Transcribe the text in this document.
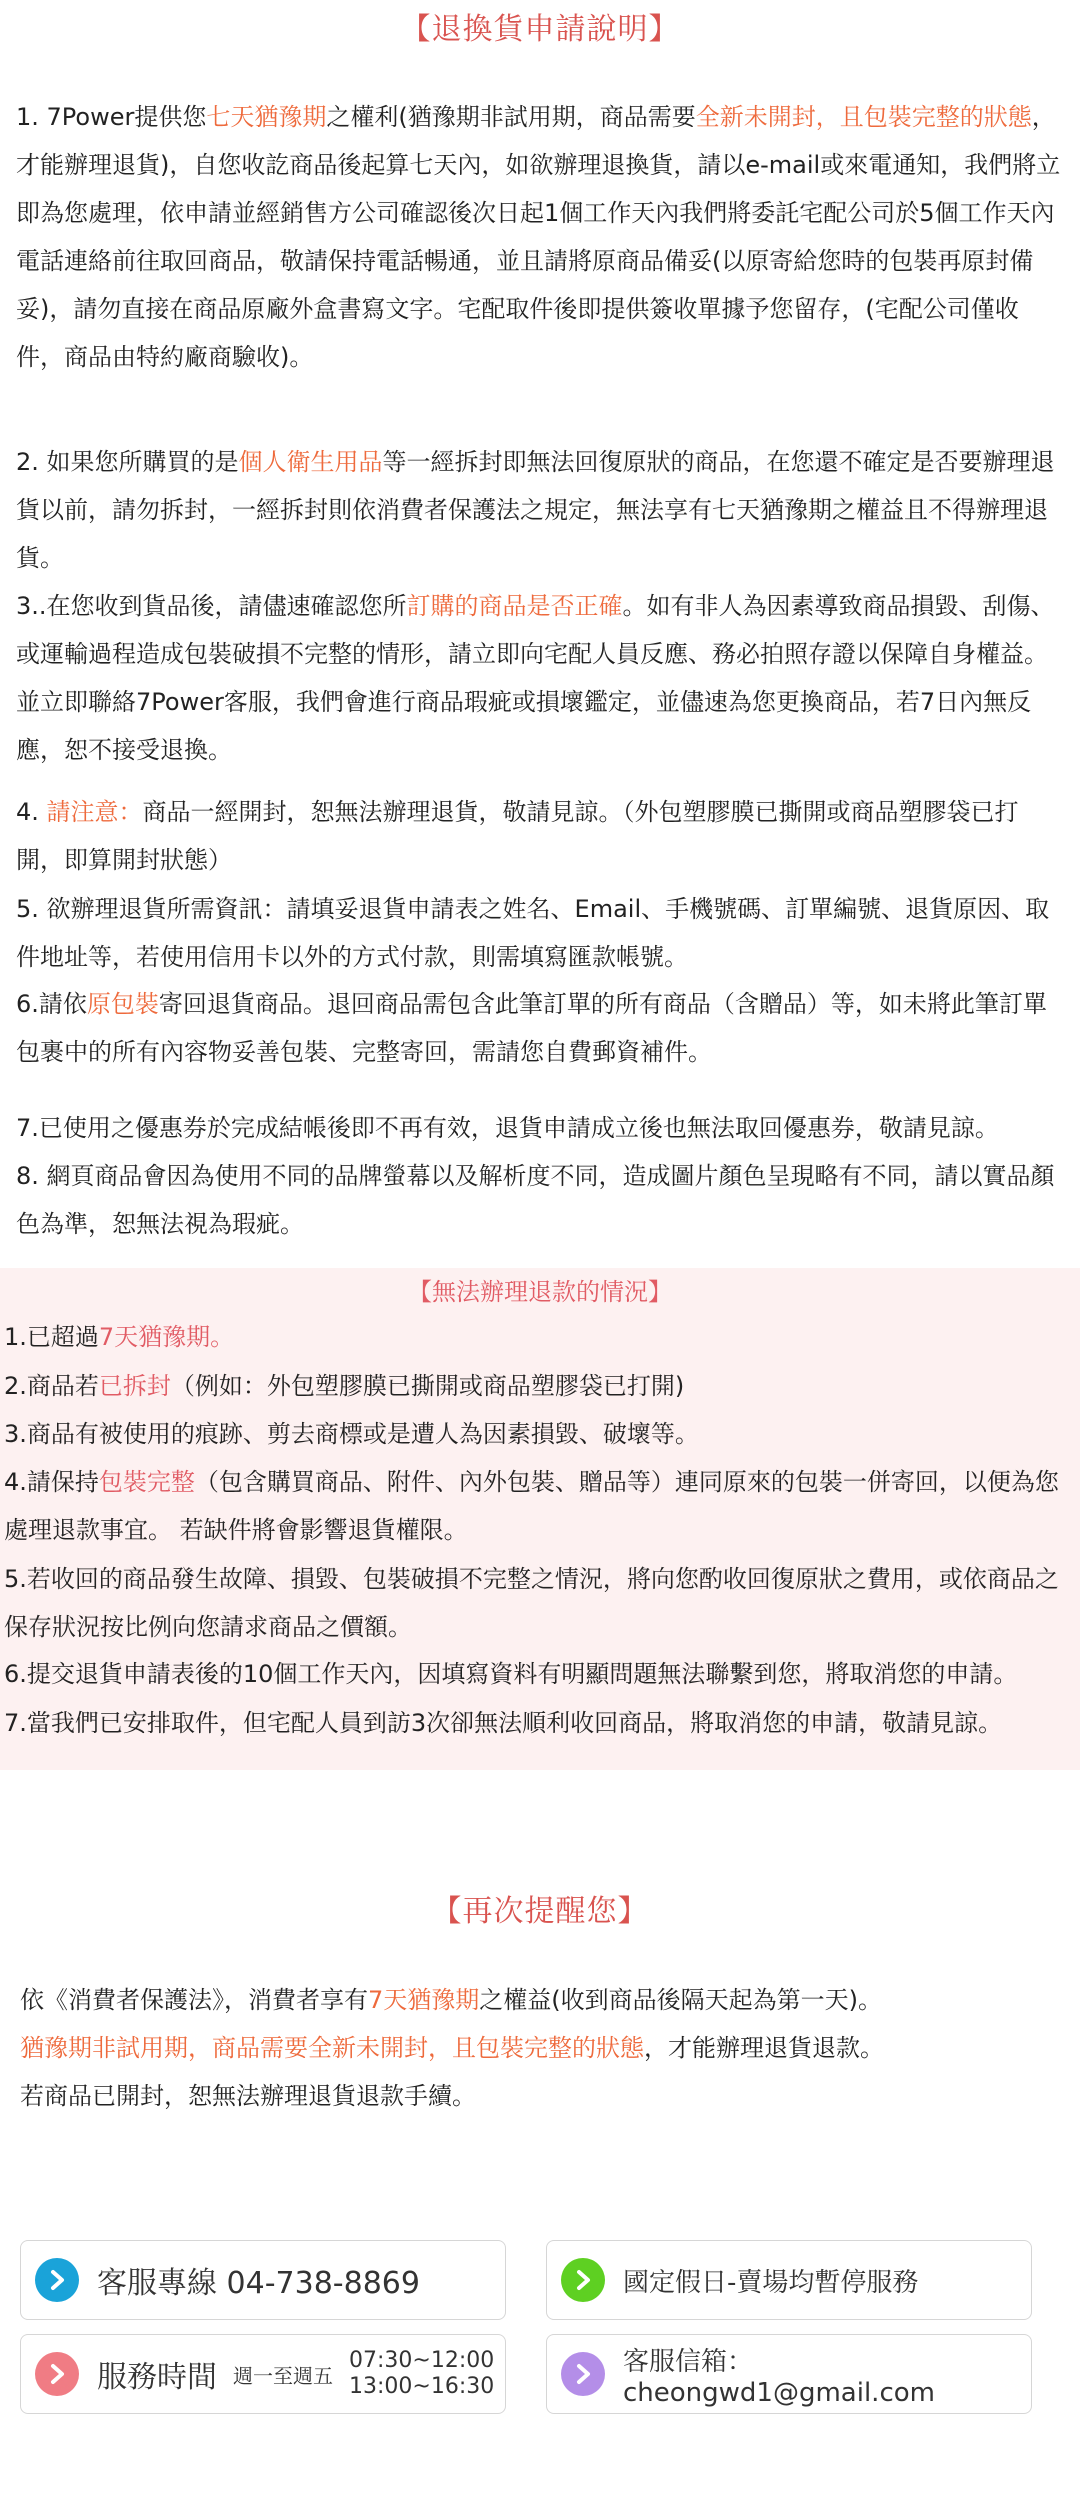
【退換貨申請說明】
1. 7Power提供您七天猶豫期之權利(猶豫期非試用期，商品需要全新未開封，且包裝完整的狀態，才能辦理退貨)，自您收訖商品後起算七天內，如欲辦理退換貨，請以e-mail或來電通知，我們將立即為您處理，依申請並經銷售方公司確認後次日起1個工作天內我們將委託宅配公司於5個工作天內電話連絡前往取回商品，敬請保持電話暢通，並且請將原商品備妥(以原寄給您時的包裝再原封備妥)，請勿直接在商品原廠外盒書寫文字。宅配取件後即提供簽收單據予您留存，(宅配公司僅收件，商品由特約廠商驗收)。
2. 如果您所購買的是個人衛生用品等一經拆封即無法回復原狀的商品，在您還不確定是否要辦理退貨以前，請勿拆封，一經拆封則依消費者保護法之規定，無法享有七天猶豫期之權益且不得辦理退貨。
3..在您收到貨品後，請儘速確認您所訂購的商品是否正確。如有非人為因素導致商品損毀、刮傷、或運輸過程造成包裝破損不完整的情形，請立即向宅配人員反應、務必拍照存證以保障自身權益。並立即聯絡7Power客服，我們會進行商品瑕疵或損壞鑑定，並儘速為您更換商品，若7日內無反應，恕不接受退換。
4. 請注意：商品一經開封，恕無法辦理退貨，敬請見諒。（外包塑膠膜已撕開或商品塑膠袋已打開，即算開封狀態）
5. 欲辦理退貨所需資訊：請填妥退貨申請表之姓名、Email、手機號碼、訂單編號、退貨原因、取件地址等，若使用信用卡以外的方式付款，則需填寫匯款帳號。
6.請依原包裝寄回退貨商品。退回商品需包含此筆訂單的所有商品（含贈品）等，如未將此筆訂單包裹中的所有內容物妥善包裝、完整寄回，需請您自費郵資補件。
7.已使用之優惠券於完成結帳後即不再有效，退貨申請成立後也無法取回優惠券，敬請見諒。
8. 網頁商品會因為使用不同的品牌螢幕以及解析度不同，造成圖片顏色呈現略有不同，請以實品顏色為準，恕無法視為瑕疵。
【無法辦理退款的情況】
1.已超過7天猶豫期。
2.商品若已拆封（例如：外包塑膠膜已撕開或商品塑膠袋已打開)
3.商品有被使用的痕跡、剪去商標或是遭人為因素損毀、破壞等。
4.請保持包裝完整（包含購買商品、附件、內外包裝、贈品等）連同原來的包裝一併寄回，以便為您處理退款事宜。 若缺件將會影響退貨權限。
5.若收回的商品發生故障、損毀、包裝破損不完整之情況，將向您酌收回復原狀之費用，或依商品之保存狀況按比例向您請求商品之價額。
6.提交退貨申請表後的10個工作天內，因填寫資料有明顯問題無法聯繫到您，將取消您的申請。
7.當我們已安排取件，但宅配人員到訪3次卻無法順利收回商品，將取消您的申請，敬請見諒。
【再次提醒您】
依《消費者保護法》，消費者享有7天猶豫期之權益(收到商品後隔天起為第一天)。
猶豫期非試用期，商品需要全新未開封，且包裝完整的狀態，才能辦理退貨退款。
若商品已開封，恕無法辦理退貨退款手續。
客服專線 04-738-8869	國定假日-賣場均暫停服務
服務時間 週一至週五
07:30~12:00
13:00~16:30
客服信箱：cheongwd1@gmail.com
